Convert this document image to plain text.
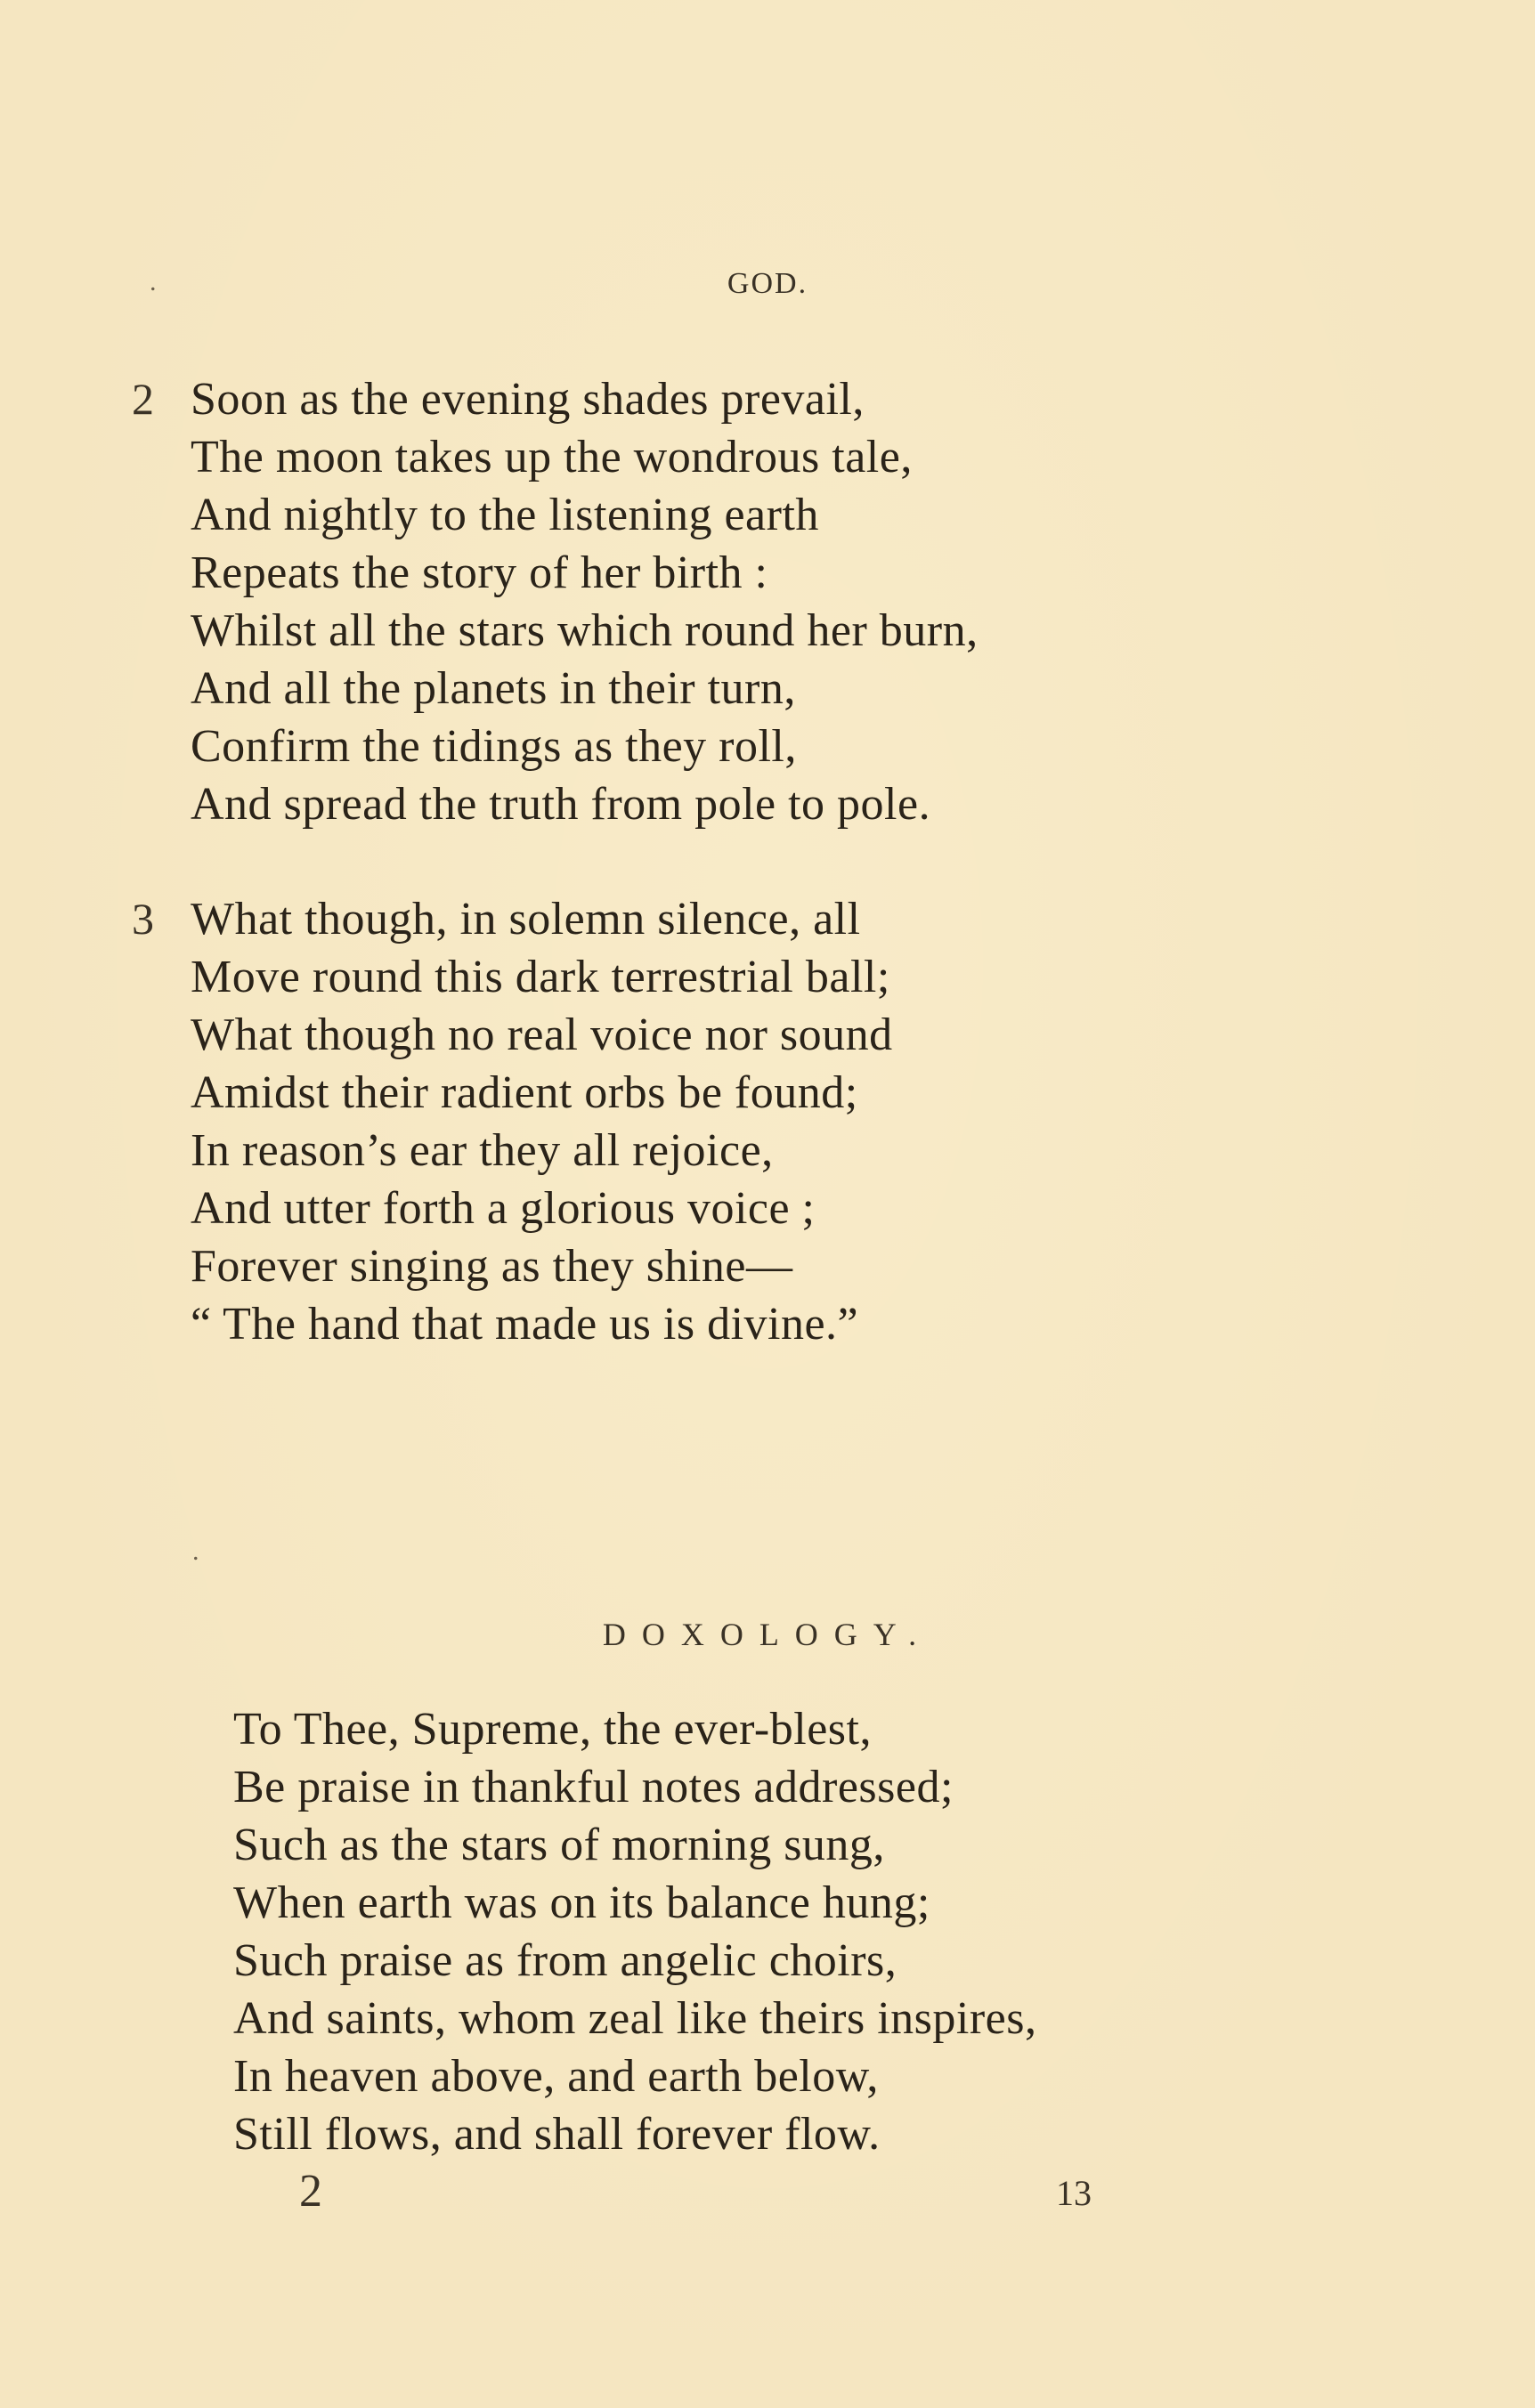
.	GOD.
2 Soon as the evening shades prevail,
The moon takes up the wondrous tale,
And nightly to the listening earth
Repeats the story of her birth :
Whilst all the stars which round her burn,
And all the planets in their turn,
Confirm the tidings as they roll,
And spread the truth from pole to pole.
3 What though, in solemn silence, all
Move round this dark terrestrial ball;
What though no real voice nor sound
Amidst their radient orbs be found;
In reason’s ear they all rejoice,
And utter forth a glorious voice ;
Forever singing as they shine—
“ The hand that made us is divine.”
.
DOXOLOGY.
To Thee, Supreme, the ever-blest,
Be praise in thankful notes addressed;
Such as the stars of morning sung,
When earth was on its balance hung;
Such praise as from angelic choirs,
And saints, whom zeal like theirs inspires,
In heaven above, and earth below,
Still flows, and shall forever flow.
2	13
